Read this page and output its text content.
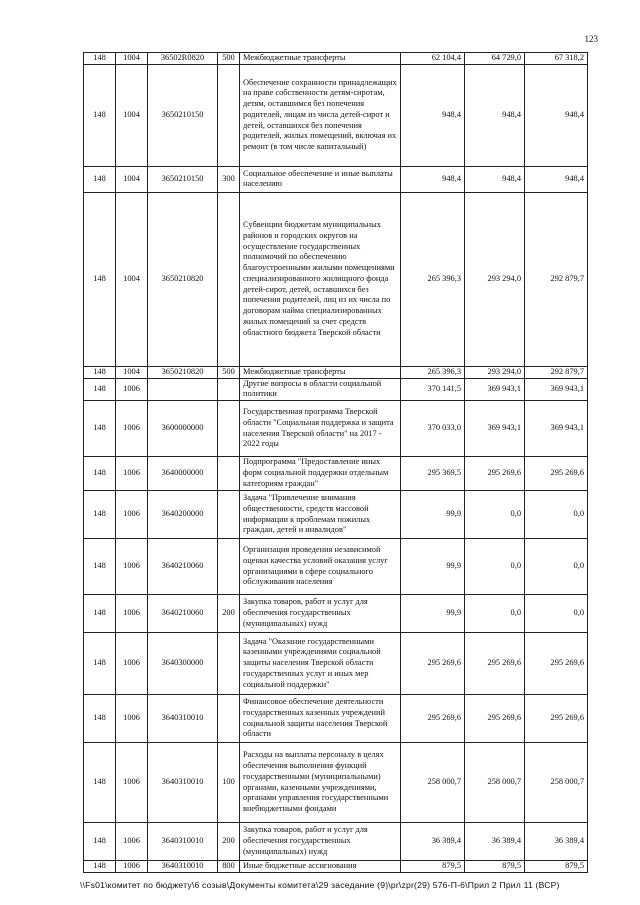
123
148	1004	36502R0820	500	Межбюджетные трансферты	62 104,4	64 729,0	67 318,2
148	1004	3650210150		Обеспечение сохранности принадлежащих на праве собственности детям-сиротам, детям, оставшимся без попечения родителей, лицам из числа детей-сирот и детей, оставшихся без попечения родителей, жилых помещений, включая их ремонт (в том числе капитальный)	948,4	948,4	948,4
148	1004	3650210150	300	Социальное обеспечение и иные выплаты населению	948,4	948,4	948,4
148	1004	3650210820		Субвенции бюджетам муниципальных районов и городских округов на осуществление государственных полномочий по обеспечению благоустроенными жилыми помещениями специализированного жилищного фонда детей-сирот, детей, оставшихся без попечения родителей, лиц из их числа по договорам найма специализированных жилых помещений за счет средств областного бюджета Тверской области	265 396,3	293 294,0	292 879,7
148	1004	3650210820	500	Межбюджетные трансферты	265 396,3	293 294,0	292 879,7
148	1006			Другие вопросы в области социальной политики	370 141,5	369 943,1	369 943,1
148	1006	3600000000		Государственная программа Тверской области "Социальная поддержка и защита населения Тверской области" на 2017 - 2022 годы	370 033,0	369 943,1	369 943,1
148	1006	3640000000		Подпрограмма "Предоставление иных форм социальной поддержки отдельным категориям граждан"	295 369,5	295 269,6	295 269,6
148	1006	3640200000		Задача "Привлечение внимания общественности, средств массовой информации к проблемам пожилых граждан, детей и инвалидов"	99,9	0,0	0,0
148	1006	3640210060		Организация проведения независимой оценки качества условий оказания услуг организациями в сфере социального обслуживания населения	99,9	0,0	0,0
148	1006	3640210060	200	Закупка товаров, работ и услуг для обеспечения государственных (муниципальных) нужд	99,9	0,0	0,0
148	1006	3640300000		Задача "Оказание государственными казенными учреждениями социальной защиты населения Тверской области государственных услуг и иных мер социальной поддержки"	295 269,6	295 269,6	295 269,6
148	1006	3640310010		Финансовое обеспечение деятельности государственных казенных учреждений социальной защиты населения Тверской области	295 269,6	295 269,6	295 269,6
148	1006	3640310010	100	Расходы на выплаты персоналу в целях обеспечения выполнения функций государственными (муниципальными) органами, казенными учреждениями, органами управления государственными внебюджетными фондами	258 000,7	258 000,7	258 000,7
148	1006	3640310010	200	Закупка товаров, работ и услуг для обеспечения государственных (муниципальных) нужд	36 389,4	36 389,4	36 389,4
148	1006	3640310010	800	Иные бюджетные ассигнования	879,5	879,5	879,5
\\Fs01\комитет по бюджету\6 созыв\Документы комитета\29 заседание (9)\pr\zpr(29) 576-П-6\Прил 2 Прил 11 (ВСР)
